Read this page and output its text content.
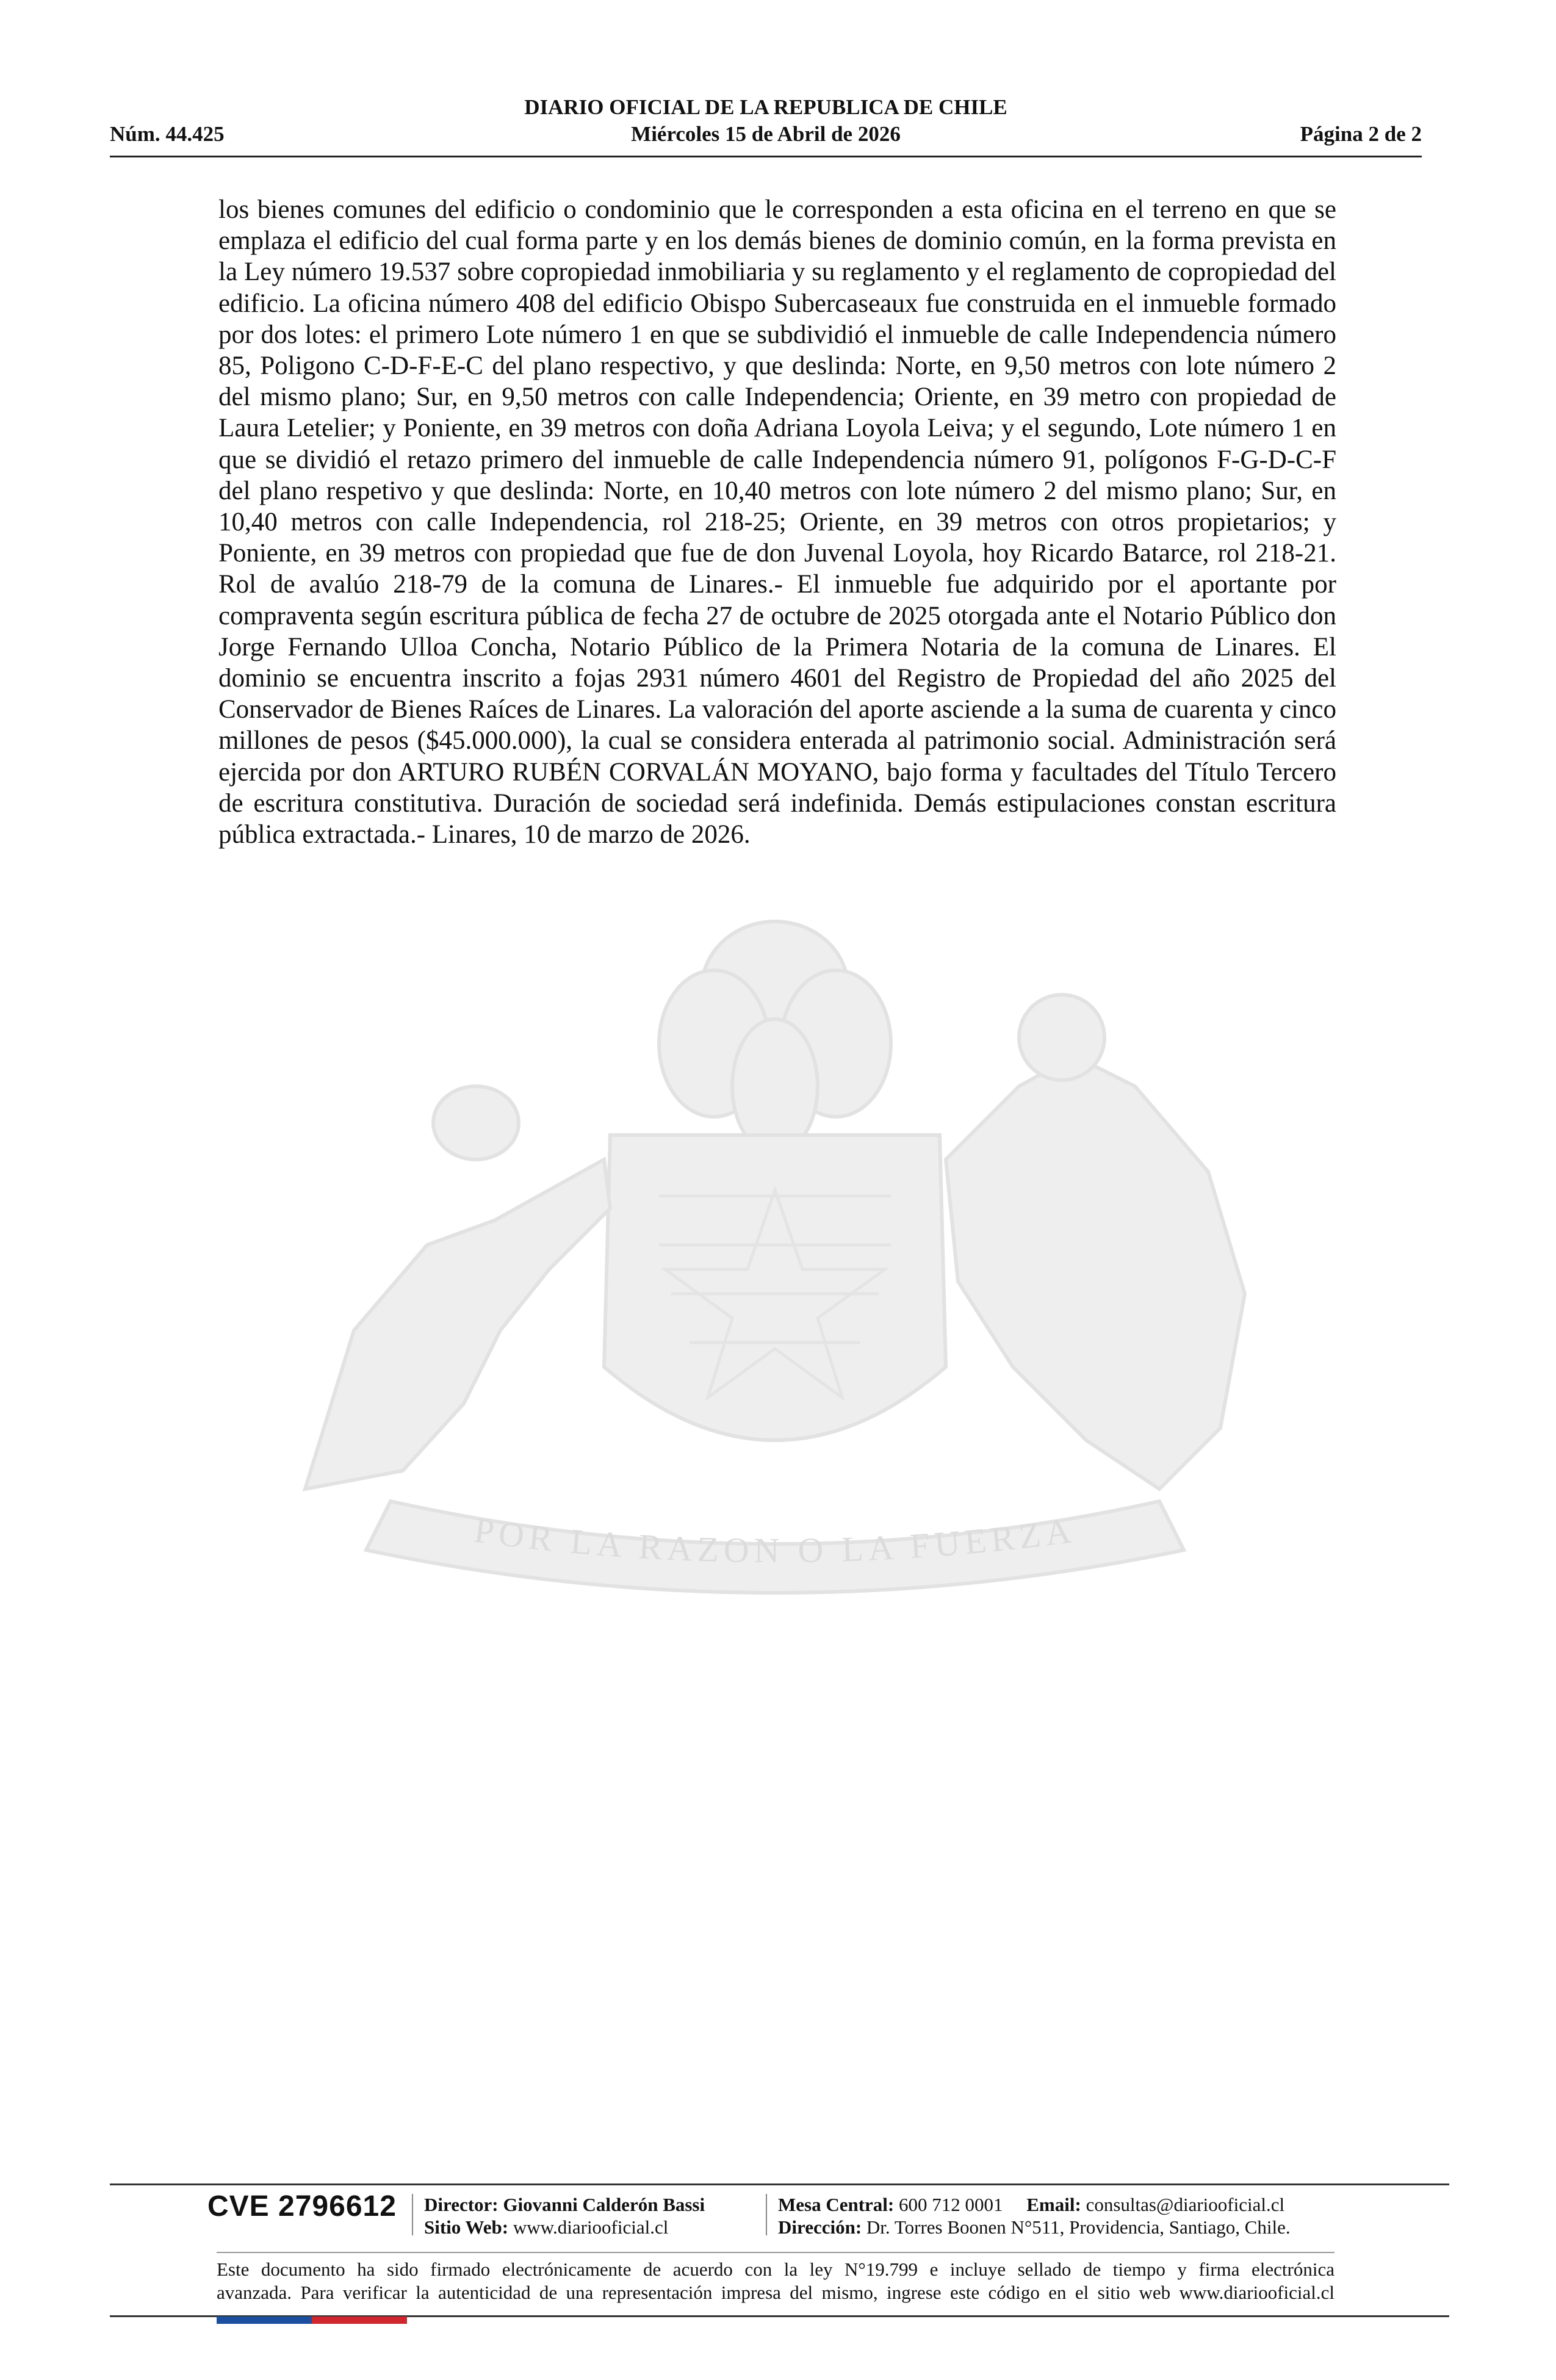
DIARIO OFICIAL DE LA REPUBLICA DE CHILE
Núm. 44.425	Miércoles 15 de Abril de 2026	Página 2 de 2
POR LA RAZON O LA FUERZA

los bienes comunes del edificio o condominio que le corresponden a esta oficina en el terreno en que se emplaza el edificio del cual forma parte y en los demás bienes de dominio común, en la forma prevista en la Ley número 19.537 sobre copropiedad inmobiliaria y su reglamento y el reglamento de copropiedad del edificio. La oficina número 408 del edificio Obispo Subercaseaux fue construida en el inmueble formado por dos lotes: el primero Lote número 1 en que se subdividió el inmueble de calle Independencia número 85, Poligono C-D-F-E-C del plano respectivo, y que deslinda: Norte, en 9,50 metros con lote número 2 del mismo plano; Sur, en 9,50 metros con calle Independencia; Oriente, en 39 metro con propiedad de Laura Letelier; y Poniente, en 39 metros con doña Adriana Loyola Leiva; y el segundo, Lote número 1 en que se dividió el retazo primero del inmueble de calle Independencia número 91, polígonos F-G-D-C-F del plano respetivo y que deslinda: Norte, en 10,40 metros con lote número 2 del mismo plano; Sur, en 10,40 metros con calle Independencia, rol 218-25; Oriente, en 39 metros con otros propietarios; y Poniente, en 39 metros con propiedad que fue de don Juvenal Loyola, hoy Ricardo Batarce, rol 218-21. Rol de avalúo 218-79 de la comuna de Linares.- El inmueble fue adquirido por el aportante por compraventa según escritura pública de fecha 27 de octubre de 2025 otorgada ante el Notario Público don Jorge Fernando Ulloa Concha, Notario Público de la Primera Notaria de la comuna de Linares. El dominio se encuentra inscrito a fojas 2931 número 4601 del Registro de Propiedad del año 2025 del Conservador de Bienes Raíces de Linares. La valoración del aporte asciende a la suma de cuarenta y cinco millones de pesos ($45.000.000), la cual se considera enterada al patrimonio social. Administración será ejercida por don ARTURO RUBÉN CORVALÁN MOYANO, bajo forma y facultades del Título Tercero de escritura constitutiva. Duración de sociedad será indefinida. Demás estipulaciones constan escritura pública extractada.- Linares, 10 de marzo de 2026.

CVE 2796612 Director: Giovanni Calderón Bassi
Sitio Web: www.diariooficial.cl
Mesa Central: 600 712 0001 Email: consultas@diariooficial.cl
Dirección: Dr. Torres Boonen N°511, Providencia, Santiago, Chile.
Este documento ha sido firmado electrónicamente de acuerdo con la ley N°19.799 e incluye sellado de tiempo y firma electrónica
avanzada. Para verificar la autenticidad de una representación impresa del mismo, ingrese este código en el sitio web www.diariooficial.cl
